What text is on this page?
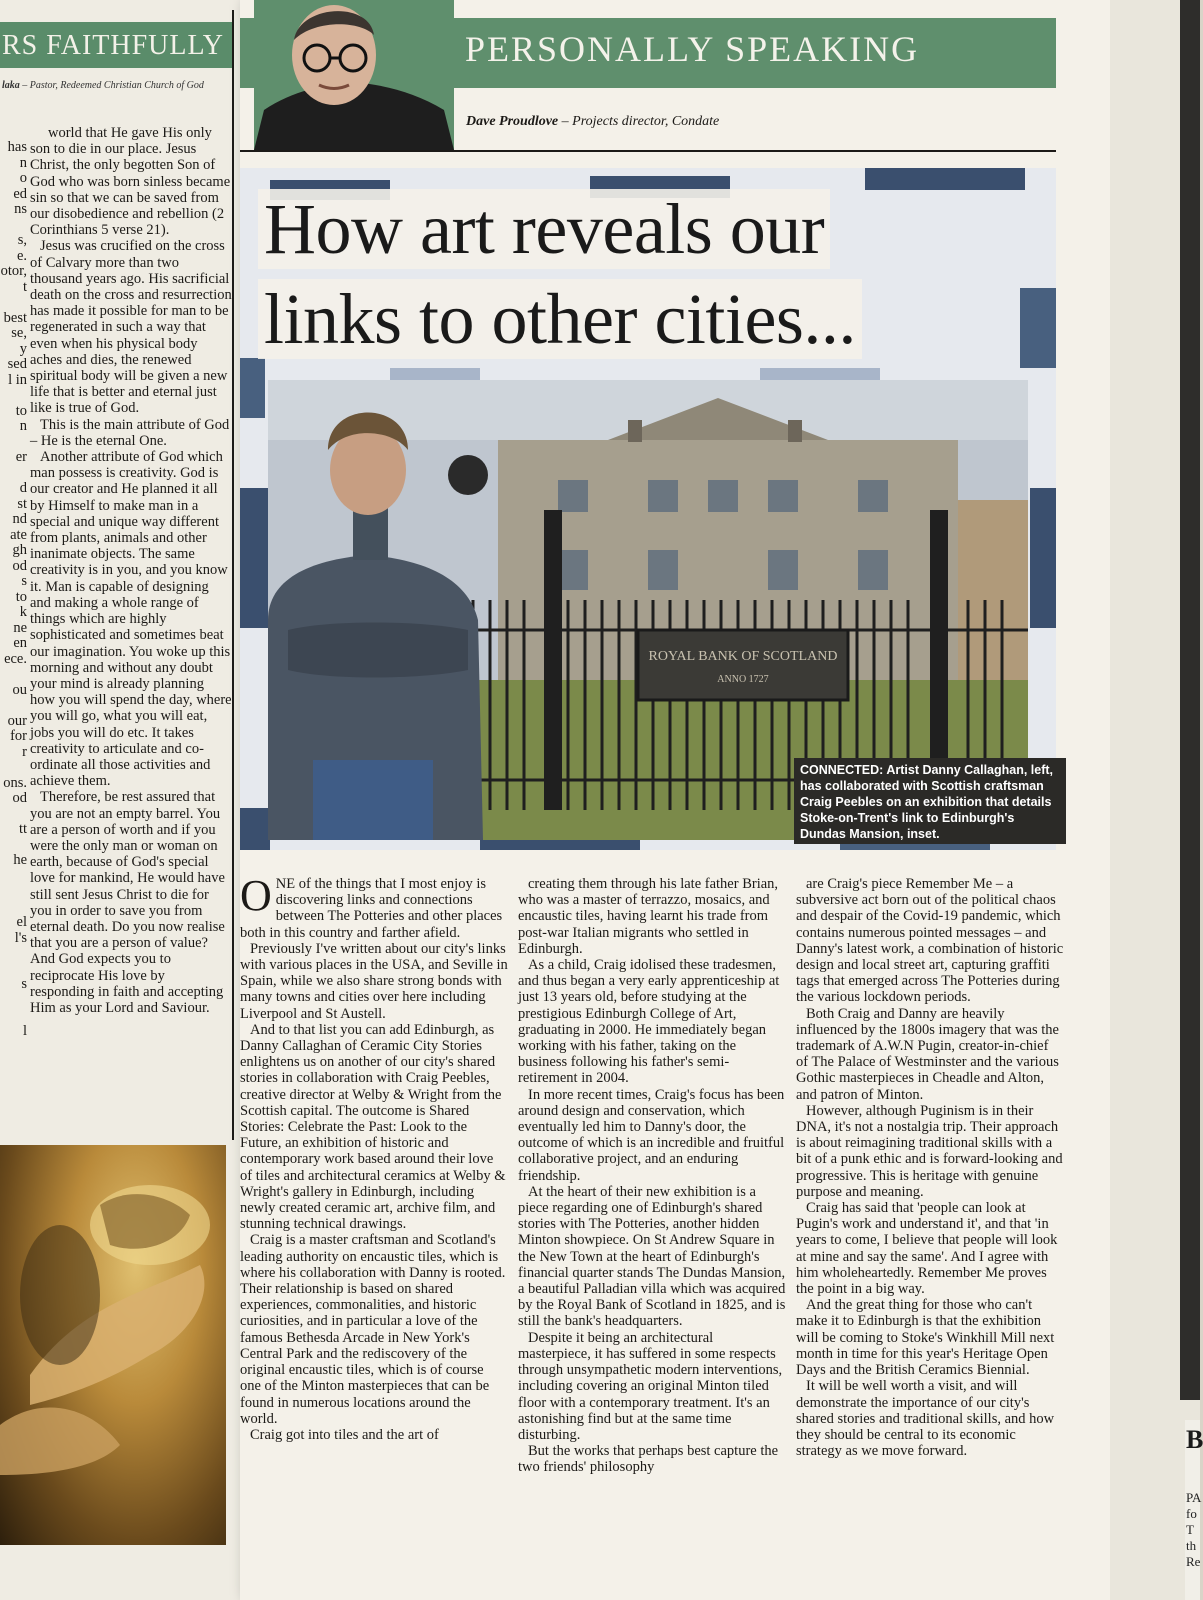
B
PA
fo
T
th
Re
RS FAITHFULLY
laka – Pastor, Redeemed Christian Church of God
has
n
o
ed
ns

s,
e.
otor,
t

best
se,
y
sed
l in

to
n

er

d
st
nd
ate
gh
od
s
to
k
ne
en
ece.

ou

our
for
r

ons.
od

tt

he

el
l's

s

l

world that He gave His only son to die in our place. Jesus Christ, the only begotten Son of God who was born sinless became sin so that we can be saved from our disobedience and rebellion (2 Corinthians 5 verse 21).

Jesus was crucified on the cross of Calvary more than two thousand years ago. His sacrificial death on the cross and resurrection has made it possible for man to be regenerated in such a way that even when his physical body aches and dies, the renewed spiritual body will be given a new life that is better and eternal just like is true of God.

This is the main attribute of God – He is the eternal One.

Another attribute of God which man possess is creativity. God is our creator and He planned it all by Himself to make man in a special and unique way different from plants, animals and other inanimate objects. The same creativity is in you, and you know it. Man is capable of designing and making a whole range of things which are highly sophisticated and sometimes beat our imagination. You woke up this morning and without any doubt your mind is already planning how you will spend the day, where you will go, what you will eat, jobs you will do etc. It takes creativity to articulate and co-ordinate all those activities and achieve them.

Therefore, be rest assured that you are not an empty barrel. You are a person of worth and if you were the only man or woman on earth, because of God's special love for mankind, He would have still sent Jesus Christ to die for you in order to save you from eternal death. Do you now realise that you are a person of value? And God expects you to reciprocate His love by responding in faith and accepting Him as your Lord and Saviour.

PERSONALLY SPEAKING
Dave Proudlove – Projects director, Condate
How art reveals our
links to other cities...
ROYAL BANK OF SCOTLAND
ANNO 1727

CONNECTED: Artist Danny Callaghan, left, has collaborated with Scottish craftsman Craig Peebles on an exhibition that details Stoke-on-Trent's link to Edinburgh's Dundas Mansion, inset.

ONE of the things that I most enjoy is discovering links and connections between The Potteries and other places both in this country and farther afield.

Previously I've written about our city's links with various places in the USA, and Seville in Spain, while we also share strong bonds with many towns and cities over here including Liverpool and St Austell.

And to that list you can add Edinburgh, as Danny Callaghan of Ceramic City Stories enlightens us on another of our city's shared stories in collaboration with Craig Peebles, creative director at Welby & Wright from the Scottish capital. The outcome is Shared Stories: Celebrate the Past: Look to the Future, an exhibition of historic and contemporary work based around their love of tiles and architectural ceramics at Welby & Wright's gallery in Edinburgh, including newly created ceramic art, archive film, and stunning technical drawings.

Craig is a master craftsman and Scotland's leading authority on encaustic tiles, which is where his collaboration with Danny is rooted. Their relationship is based on shared experiences, commonalities, and historic curiosities, and in particular a love of the famous Bethesda Arcade in New York's Central Park and the rediscovery of the original encaustic tiles, which is of course one of the Minton masterpieces that can be found in numerous locations around the world.

Craig got into tiles and the art of

creating them through his late father Brian, who was a master of terrazzo, mosaics, and encaustic tiles, having learnt his trade from post-war Italian migrants who settled in Edinburgh.

As a child, Craig idolised these tradesmen, and thus began a very early apprenticeship at just 13 years old, before studying at the prestigious Edinburgh College of Art, graduating in 2000. He immediately began working with his father, taking on the business following his father's semi-retirement in 2004.

In more recent times, Craig's focus has been around design and conservation, which eventually led him to Danny's door, the outcome of which is an incredible and fruitful collaborative project, and an enduring friendship.

At the heart of their new exhibition is a piece regarding one of Edinburgh's shared stories with The Potteries, another hidden Minton showpiece. On St Andrew Square in the New Town at the heart of Edinburgh's financial quarter stands The Dundas Mansion, a beautiful Palladian villa which was acquired by the Royal Bank of Scotland in 1825, and is still the bank's headquarters.

Despite it being an architectural masterpiece, it has suffered in some respects through unsympathetic modern interventions, including covering an original Minton tiled floor with a contemporary treatment. It's an astonishing find but at the same time disturbing.

But the works that perhaps best capture the two friends' philosophy

are Craig's piece Remember Me – a subversive act born out of the political chaos and despair of the Covid-19 pandemic, which contains numerous pointed messages – and Danny's latest work, a combination of historic design and local street art, capturing graffiti tags that emerged across The Potteries during the various lockdown periods.

Both Craig and Danny are heavily influenced by the 1800s imagery that was the trademark of A.W.N Pugin, creator-in-chief of The Palace of Westminster and the various Gothic masterpieces in Cheadle and Alton, and patron of Minton.

However, although Puginism is in their DNA, it's not a nostalgia trip. Their approach is about reimagining traditional skills with a bit of a punk ethic and is forward-looking and progressive. This is heritage with genuine purpose and meaning.

Craig has said that 'people can look at Pugin's work and understand it', and that 'in years to come, I believe that people will look at mine and say the same'. And I agree with him wholeheartedly. Remember Me proves the point in a big way.

And the great thing for those who can't make it to Edinburgh is that the exhibition will be coming to Stoke's Winkhill Mill next month in time for this year's Heritage Open Days and the British Ceramics Biennial.

It will be well worth a visit, and will demonstrate the importance of our city's shared stories and traditional skills, and how they should be central to its economic strategy as we move forward.
